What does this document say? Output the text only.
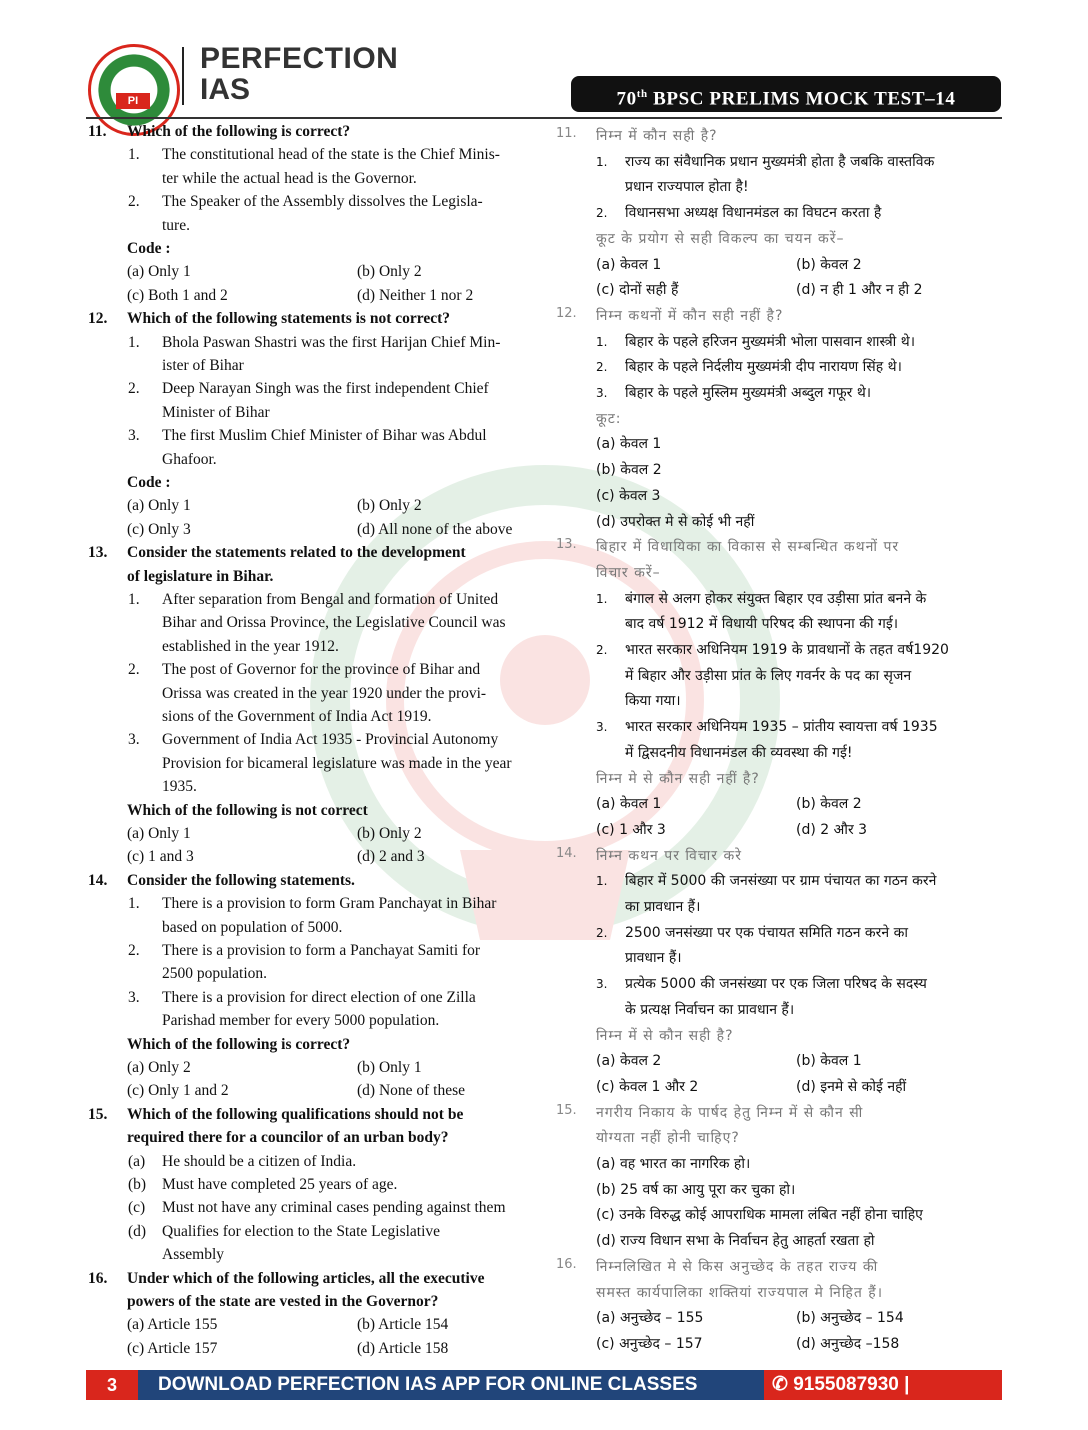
PI
PERFECTION
IAS	70th BPSC PRELIMS MOCK TEST–14
11. Which of the following is correct?
1. The constitutional head of the state is the Chief Minis-
ter while the actual head is the Governor.
2. The Speaker of the Assembly dissolves the Legisla-
ture.
Code :
(a) Only 1	(b) Only 2
(c) Both 1 and 2	(d) Neither 1 nor 2
12. Which of the following statements is not correct?
1. Bhola Paswan Shastri was the first Harijan Chief Min-
ister of Bihar
2. Deep Narayan Singh was the first independent Chief
Minister of Bihar
3. The first Muslim Chief Minister of Bihar was Abdul
Ghafoor.
Code :
(a) Only 1	(b) Only 2
(c) Only 3	(d) All none of the above
13. Consider the statements related to the development
of legislature in Bihar.
1. After separation from Bengal and formation of United
Bihar and Orissa Province, the Legislative Council was
established in the year 1912.
2. The post of Governor for the province of Bihar and
Orissa was created in the year 1920 under the provi-
sions of the Government of India Act 1919.
3. Government of India Act 1935 - Provincial Autonomy
Provision for bicameral legislature was made in the year
1935.
Which of the following is not correct
(a) Only 1	(b) Only 2
(c) 1 and 3	(d) 2 and 3
14. Consider the following statements.
1. There is a provision to form Gram Panchayat in Bihar
based on population of 5000.
2. There is a provision to form a Panchayat Samiti for
2500 population.
3. There is a provision for direct election of one Zilla
Parishad member for every 5000 population.
Which of the following is correct?
(a) Only 2	(b) Only 1
(c) Only 1 and 2	(d) None of these
15. Which of the following qualifications should not be
required there for a councilor of an urban body?
(a) He should be a citizen of India.
(b) Must have completed 25 years of age.
(c) Must not have any criminal cases pending against them
(d) Qualifies for election to the State Legislative
Assembly
16. Under which of the following articles, all the executive
powers of the state are vested in the Governor?
(a) Article 155	(b) Article 154
(c) Article 157	(d) Article 158
11. निम्न में कौन सही है?
1. राज्य का संवैधानिक प्रधान मुख्यमंत्री होता है जबकि वास्तविक
प्रधान राज्यपाल होता है!
2. विधानसभा अध्यक्ष विधानमंडल का विघटन करता है
कूट के प्रयोग से सही विकल्प का चयन करें–
(a) केवल 1	(b) केवल 2
(c) दोनों सही हैं	(d) न ही 1 और न ही 2
12. निम्न कथनों में कौन सही नहीं है?
1. बिहार के पहले हरिजन मुख्यमंत्री भोला पासवान शास्त्री थे।
2. बिहार के पहले निर्दलीय मुख्यमंत्री दीप नारायण सिंह थे।
3. बिहार के पहले मुस्लिम मुख्यमंत्री अब्दुल गफूर थे।
कूट:
(a) केवल 1
(b) केवल 2
(c) केवल 3
(d) उपरोक्त मे से कोई भी नहीं
13. बिहार में विधायिका का विकास से सम्बन्धित कथनों पर
विचार करें–
1. बंगाल से अलग होकर संयुक्त बिहार एव उड़ीसा प्रांत बनने के
बाद वर्ष 1912 में विधायी परिषद की स्थापना की गई।
2. भारत सरकार अधिनियम 1919 के प्रावधानों के तहत वर्ष1920
में बिहार और उड़ीसा प्रांत के लिए गवर्नर के पद का सृजन
किया गया।
3. भारत सरकार अधिनियम 1935 – प्रांतीय स्वायत्ता वर्ष 1935
में द्विसदनीय विधानमंडल की व्यवस्था की गई!
निम्न मे से कौन सही नहीं है?
(a) केवल 1	(b) केवल 2
(c) 1 और 3	(d) 2 और 3
14. निम्न कथन पर विचार करे
1. बिहार में 5000 की जनसंख्या पर ग्राम पंचायत का गठन करने
का प्रावधान हैं।
2. 2500 जनसंख्या पर एक पंचायत समिति गठन करने का
प्रावधान हैं।
3. प्रत्येक 5000 की जनसंख्या पर एक जिला परिषद के सदस्य
के प्रत्यक्ष निर्वाचन का प्रावधान हैं।
निम्न में से कौन सही है?
(a) केवल 2	(b) केवल 1
(c) केवल 1 और 2	(d) इनमे से कोई नहीं
15. नगरीय निकाय के पार्षद हेतु निम्न में से कौन सी
योग्यता नहीं होनी चाहिए?
(a) वह भारत का नागरिक हो।
(b) 25 वर्ष का आयु पूरा कर चुका हो।
(c) उनके विरुद्ध कोई आपराधिक मामला लंबित नहीं होना चाहिए
(d) राज्य विधान सभा के निर्वाचन हेतु आहर्ता रखता हो
16. निम्नलिखित मे से किस अनुच्छेद के तहत राज्य की
समस्त कार्यपालिका शक्तियां राज्यपाल मे निहित हैं।
(a) अनुच्छेद – 155	(b) अनुच्छेद – 154
(c) अनुच्छेद – 157	(d) अनुच्छेद –158
3	DOWNLOAD PERFECTION IAS APP FOR ONLINE CLASSES	✆ 9155087930 | 8340325079
